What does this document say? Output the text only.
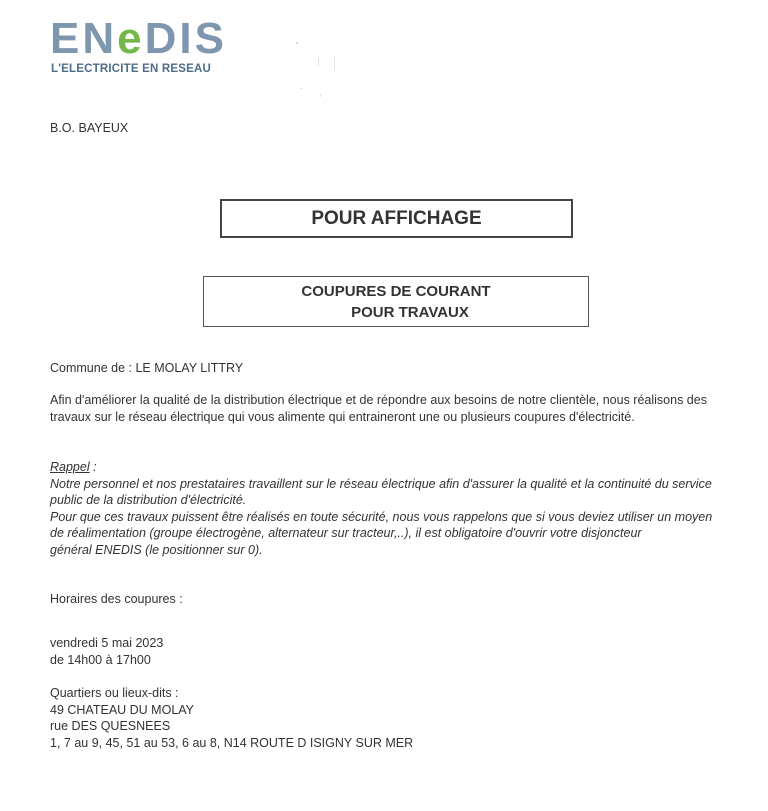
ENeDIS
L'ELECTRICITE EN RESEAU
B.O. BAYEUX
POUR AFFICHAGE
COUPURES DE COURANT
POUR TRAVAUX
Commune de : LE MOLAY LITTRY
Afin d'améliorer la qualité de la distribution électrique et de répondre aux besoins de notre clientèle, nous réalisons des travaux sur le réseau électrique qui vous alimente qui entraineront une ou plusieurs coupures d'électricité.
Rappel :
Notre personnel et nos prestataires travaillent sur le réseau électrique afin d'assurer la qualité et la continuité du service public de la distribution d'électricité.
Pour que ces travaux puissent être réalisés en toute sécurité, nous vous rappelons que si vous deviez utiliser un moyen de réalimentation (groupe électrogène, alternateur sur tracteur,..), il est obligatoire d'ouvrir votre disjoncteur
général ENEDIS (le positionner sur 0).
Horaires des coupures :
vendredi 5 mai 2023
de 14h00 à 17h00
Quartiers ou lieux-dits :
49 CHATEAU DU MOLAY
rue DES QUESNEES
1, 7 au 9, 45, 51 au 53, 6 au 8, N14 ROUTE D ISIGNY SUR MER
